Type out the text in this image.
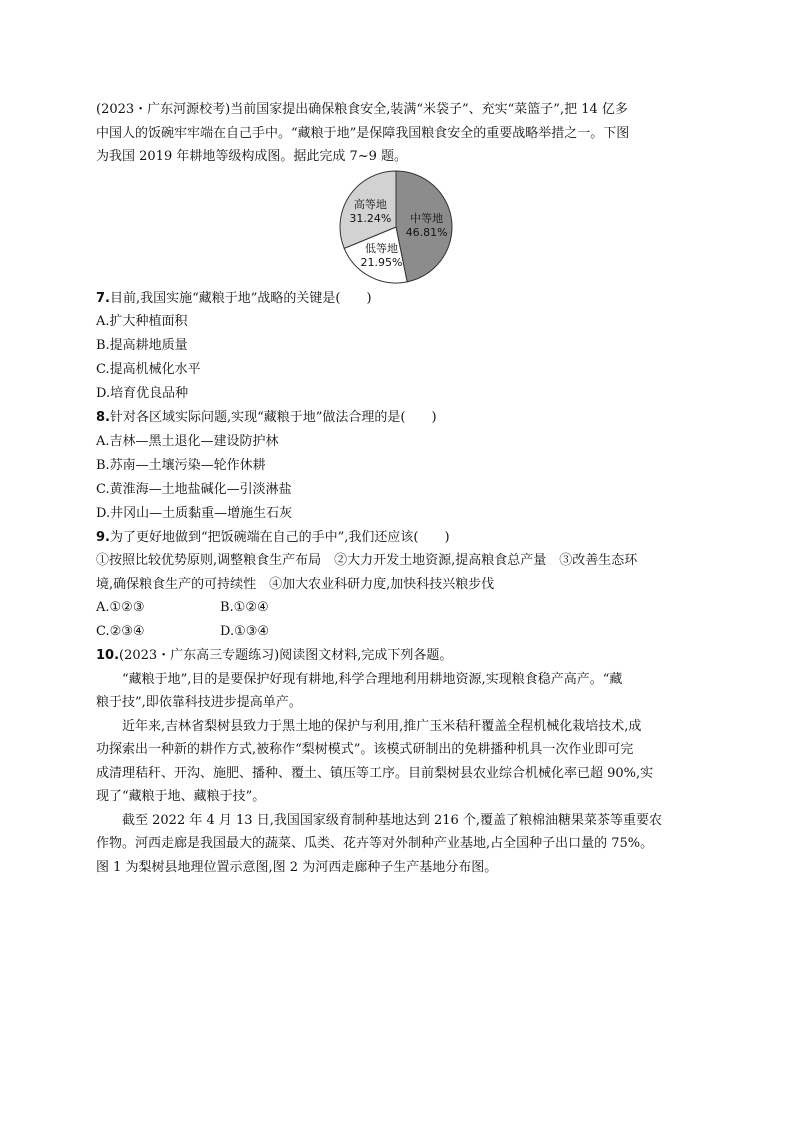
(2023・广东河源校考)当前国家提出确保粮食安全,装满“米袋子”、充实“菜篮子”,把 14 亿多

中国人的饭碗牢牢端在自己手中。“藏粮于地”是保障我国粮食安全的重要战略举措之一。下图

为我国 2019 年耕地等级构成图。据此完成 7~9 题。

中等地
46.81%
低等地
21.95%
高等地
31.24%

7.目前,我国实施“藏粮于地”战略的关键是(　　)

A.扩大种植面积

B.提高耕地质量

C.提高机械化水平

D.培育优良品种

8.针对各区域实际问题,实现“藏粮于地”做法合理的是(　　)

A.吉林—黑土退化—建设防护林

B.苏南—土壤污染—轮作休耕

C.黄淮海—土地盐碱化—引淡淋盐

D.井冈山—土质黏重—增施生石灰

9.为了更好地做到“把饭碗端在自己的手中”,我们还应该(　　)

①按照比较优势原则,调整粮食生产布局　②大力开发土地资源,提高粮食总产量　③改善生态环

境,确保粮食生产的可持续性　④加大农业科研力度,加快科技兴粮步伐

A.①②③	B.①②④
C.②③④	D.①③④

10.(2023・广东高三专题练习)阅读图文材料,完成下列各题。

“藏粮于地”,目的是要保护好现有耕地,科学合理地利用耕地资源,实现粮食稳产高产。“藏

粮于技”,即依靠科技进步提高单产。

近年来,吉林省梨树县致力于黑土地的保护与利用,推广玉米秸秆覆盖全程机械化栽培技术,成

功探索出一种新的耕作方式,被称作“梨树模式”。该模式研制出的免耕播种机具一次作业即可完

成清理秸秆、开沟、施肥、播种、覆土、镇压等工序。目前梨树县农业综合机械化率已超 90%,实

现了“藏粮于地、藏粮于技”。

截至 2022 年 4 月 13 日,我国国家级育制种基地达到 216 个,覆盖了粮棉油糖果菜茶等重要农

作物。河西走廊是我国最大的蔬菜、瓜类、花卉等对外制种产业基地,占全国种子出口量的 75%。

图 1 为梨树县地理位置示意图,图 2 为河西走廊种子生产基地分布图。
